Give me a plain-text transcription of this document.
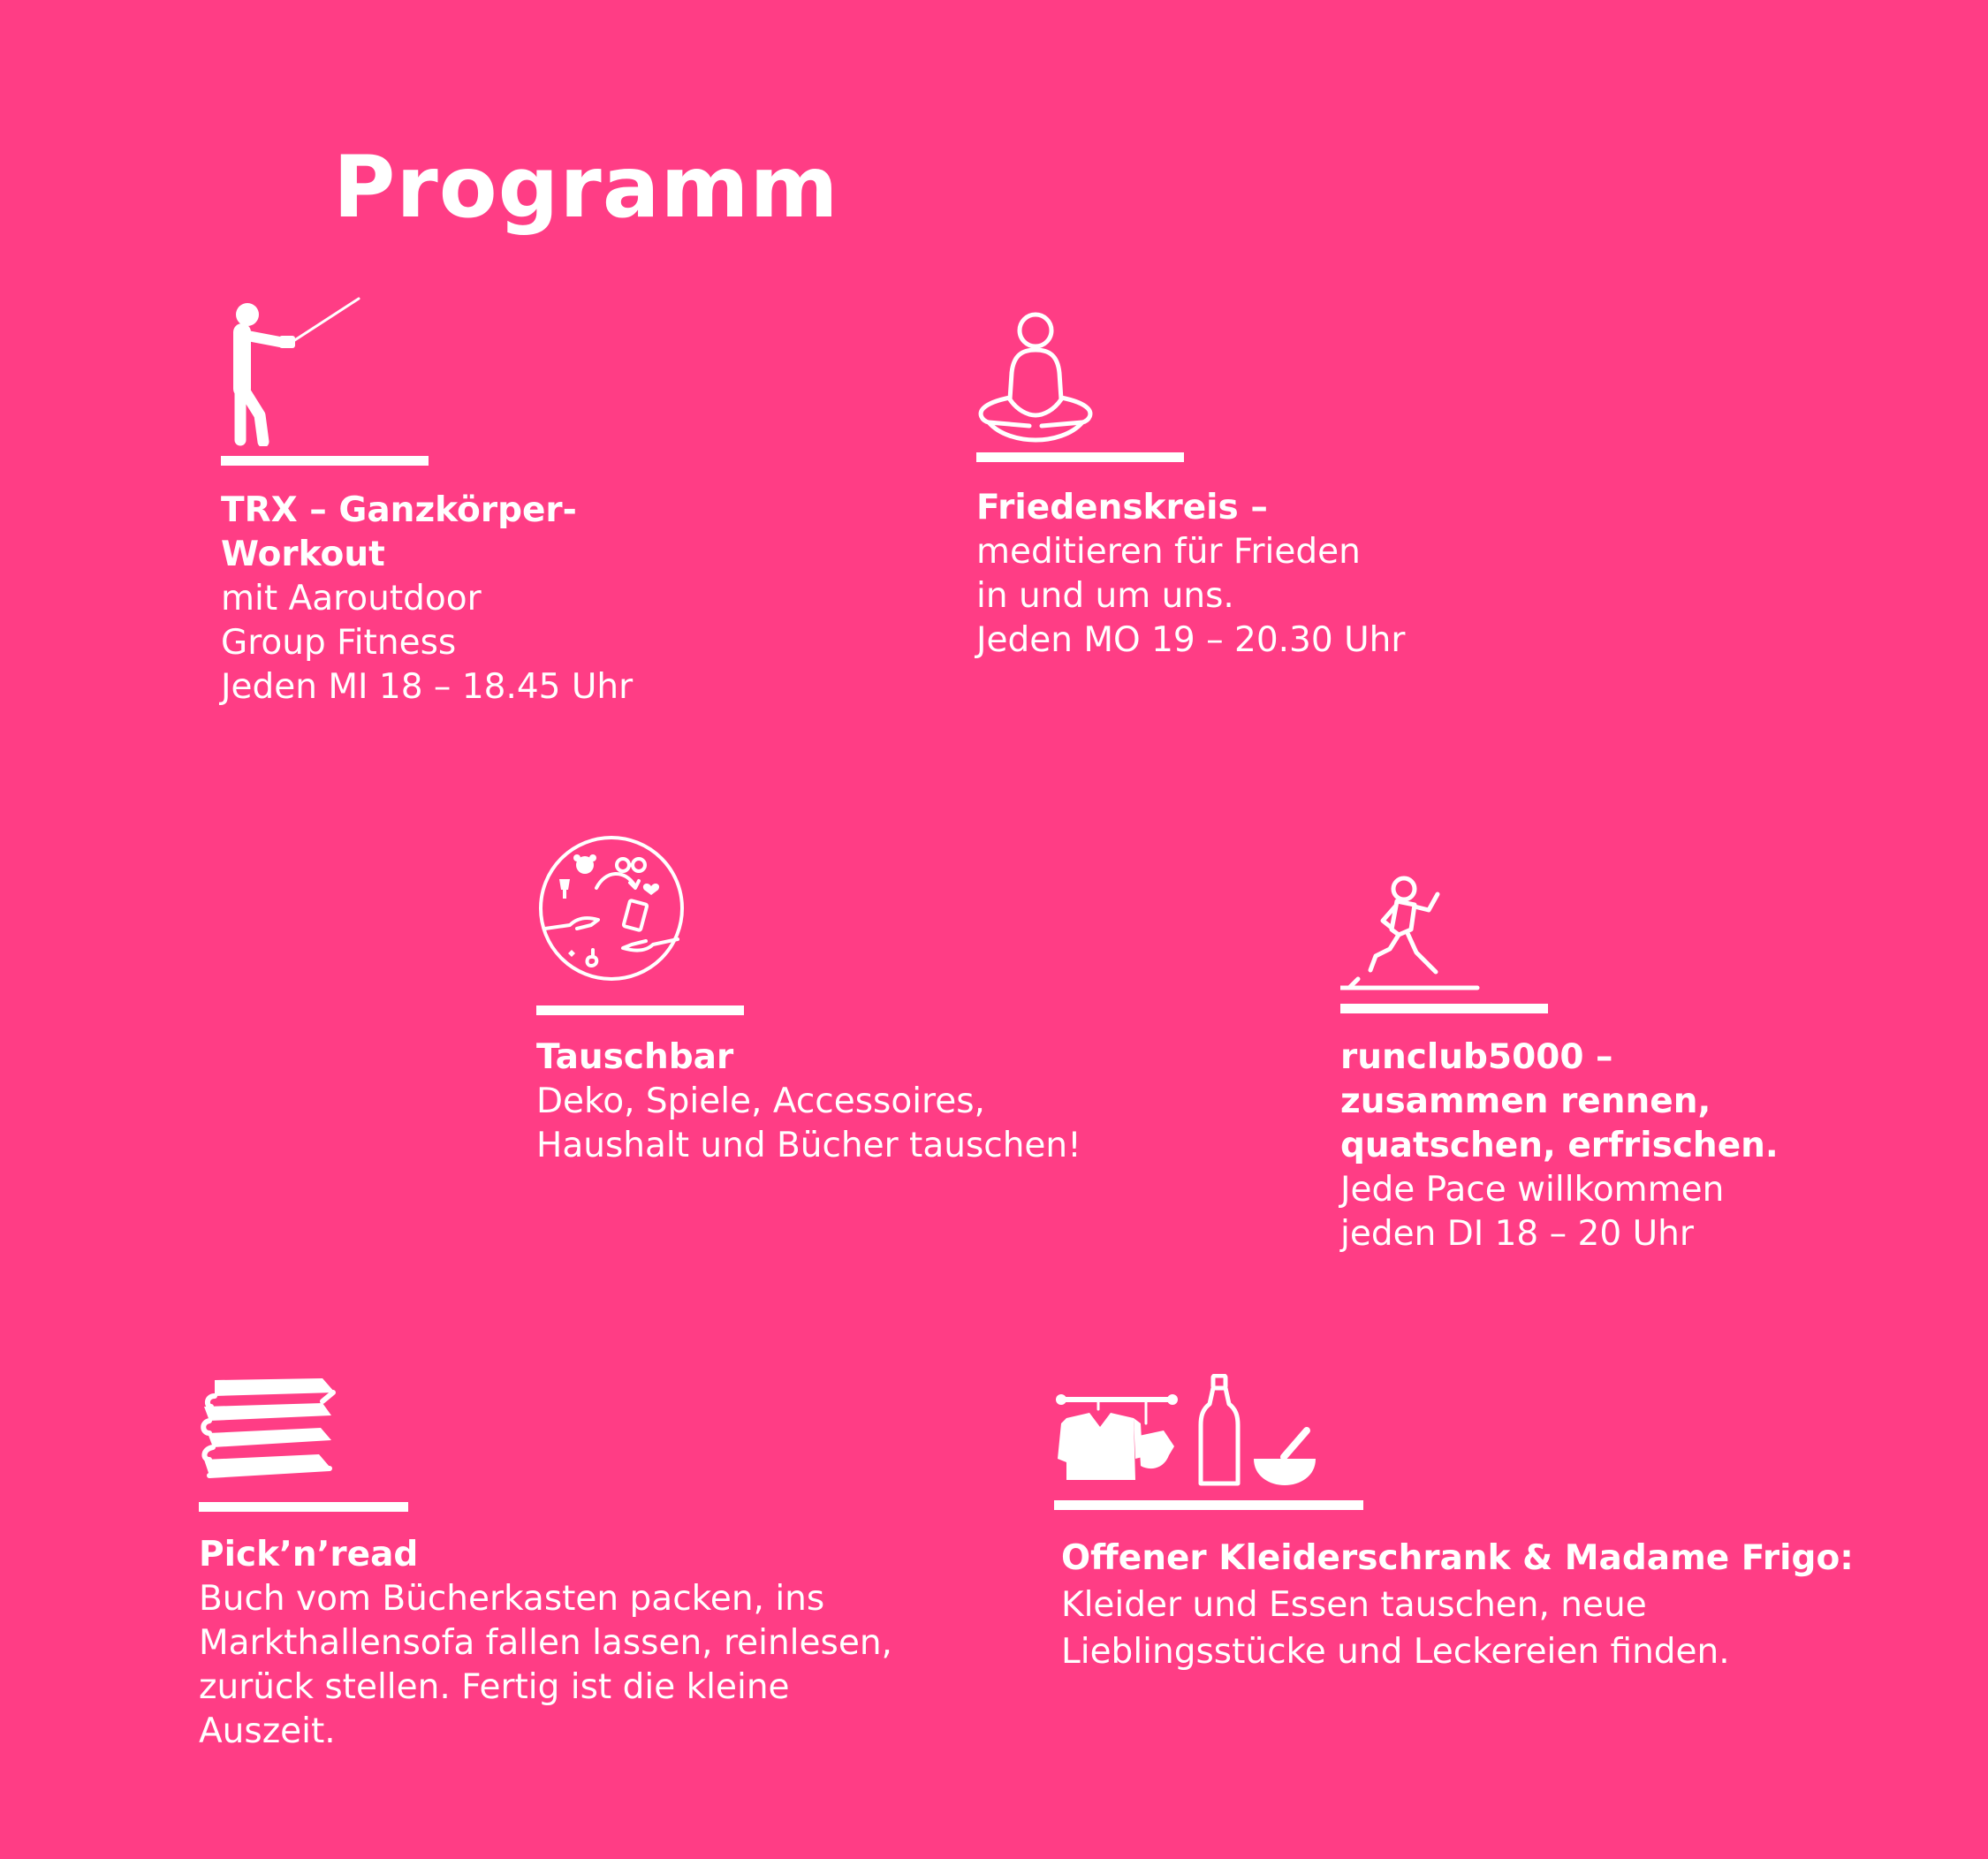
Programm
TRX – Ganzkörper-
Workout
mit Aaroutdoor
Group Fitness
Jeden MI 18 – 18.45 Uhr
Friedenskreis –
meditieren für Frieden
in und um uns.
Jeden MO 19 – 20.30 Uhr
Tauschbar
Deko, Spiele, Accessoires,
Haushalt und Bücher tauschen!
runclub5000 –
zusammen rennen,
quatschen, erfrischen.
Jede Pace willkommen
jeden DI 18 – 20 Uhr
Pick’n’read
Buch vom Bücherkasten packen, ins
Markthallensofa fallen lassen, reinlesen,
zurück stellen. Fertig ist die kleine
Auszeit.
Offener Kleiderschrank & Madame Frigo:
Kleider und Essen tauschen, neue
Lieblingsstücke und Leckereien finden.
